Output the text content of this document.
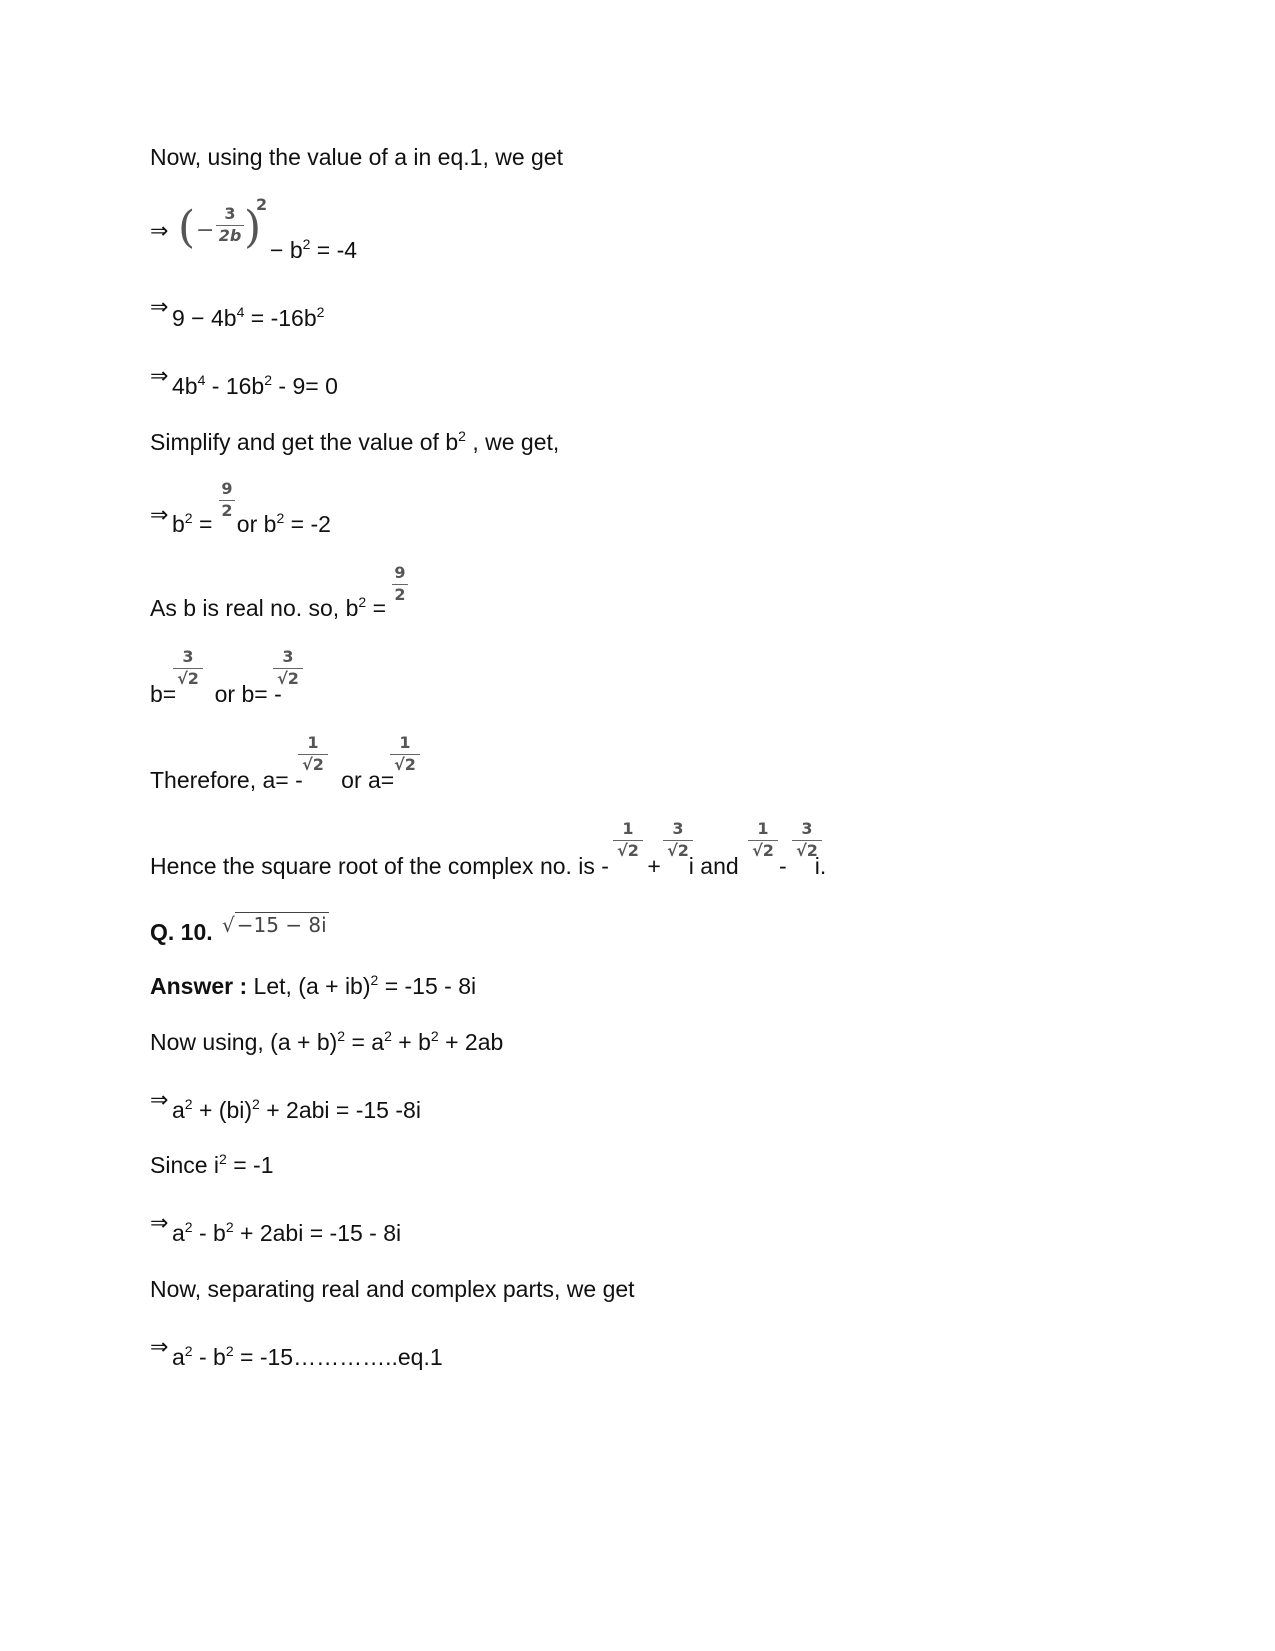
Now, using the value of a in eq.1, we get
⇒ ( −
3
2b )
2
− $b^2 = -4$
⇒ $9 - 4b^4 = -16b^2$
⇒ $4b^4 - 16b^2 - 9= 0$
Simplify and get the value of $b^2$ , we get,
⇒ $b^2$ = or $b^2 = -2$
9
2
As b is real no. so, $b^2$ =
9
2
b= or b= -
3
√2
3
√2
Therefore, a= - or a=
1
√2
1
√2
Hence the square root of the complex no. is - + i and - i.
1
√2
3
√2
1
√2
3
√2
Q. 10. √ −15 − 8i
Answer : Let, (a + ib)$^2$ = -15 - 8i
Now using, $(a + b)^2 = a^2 + b^2 + 2ab$
⇒ $a^2 + (bi)^2 + 2abi = -15$ -8i
Since $i^2 = -1$
⇒ $a^2 - b^2 + 2abi = -15 - 8i$
Now, separating real and complex parts, we get
⇒ $a^2 - b^2$ = -15…………..eq.1
